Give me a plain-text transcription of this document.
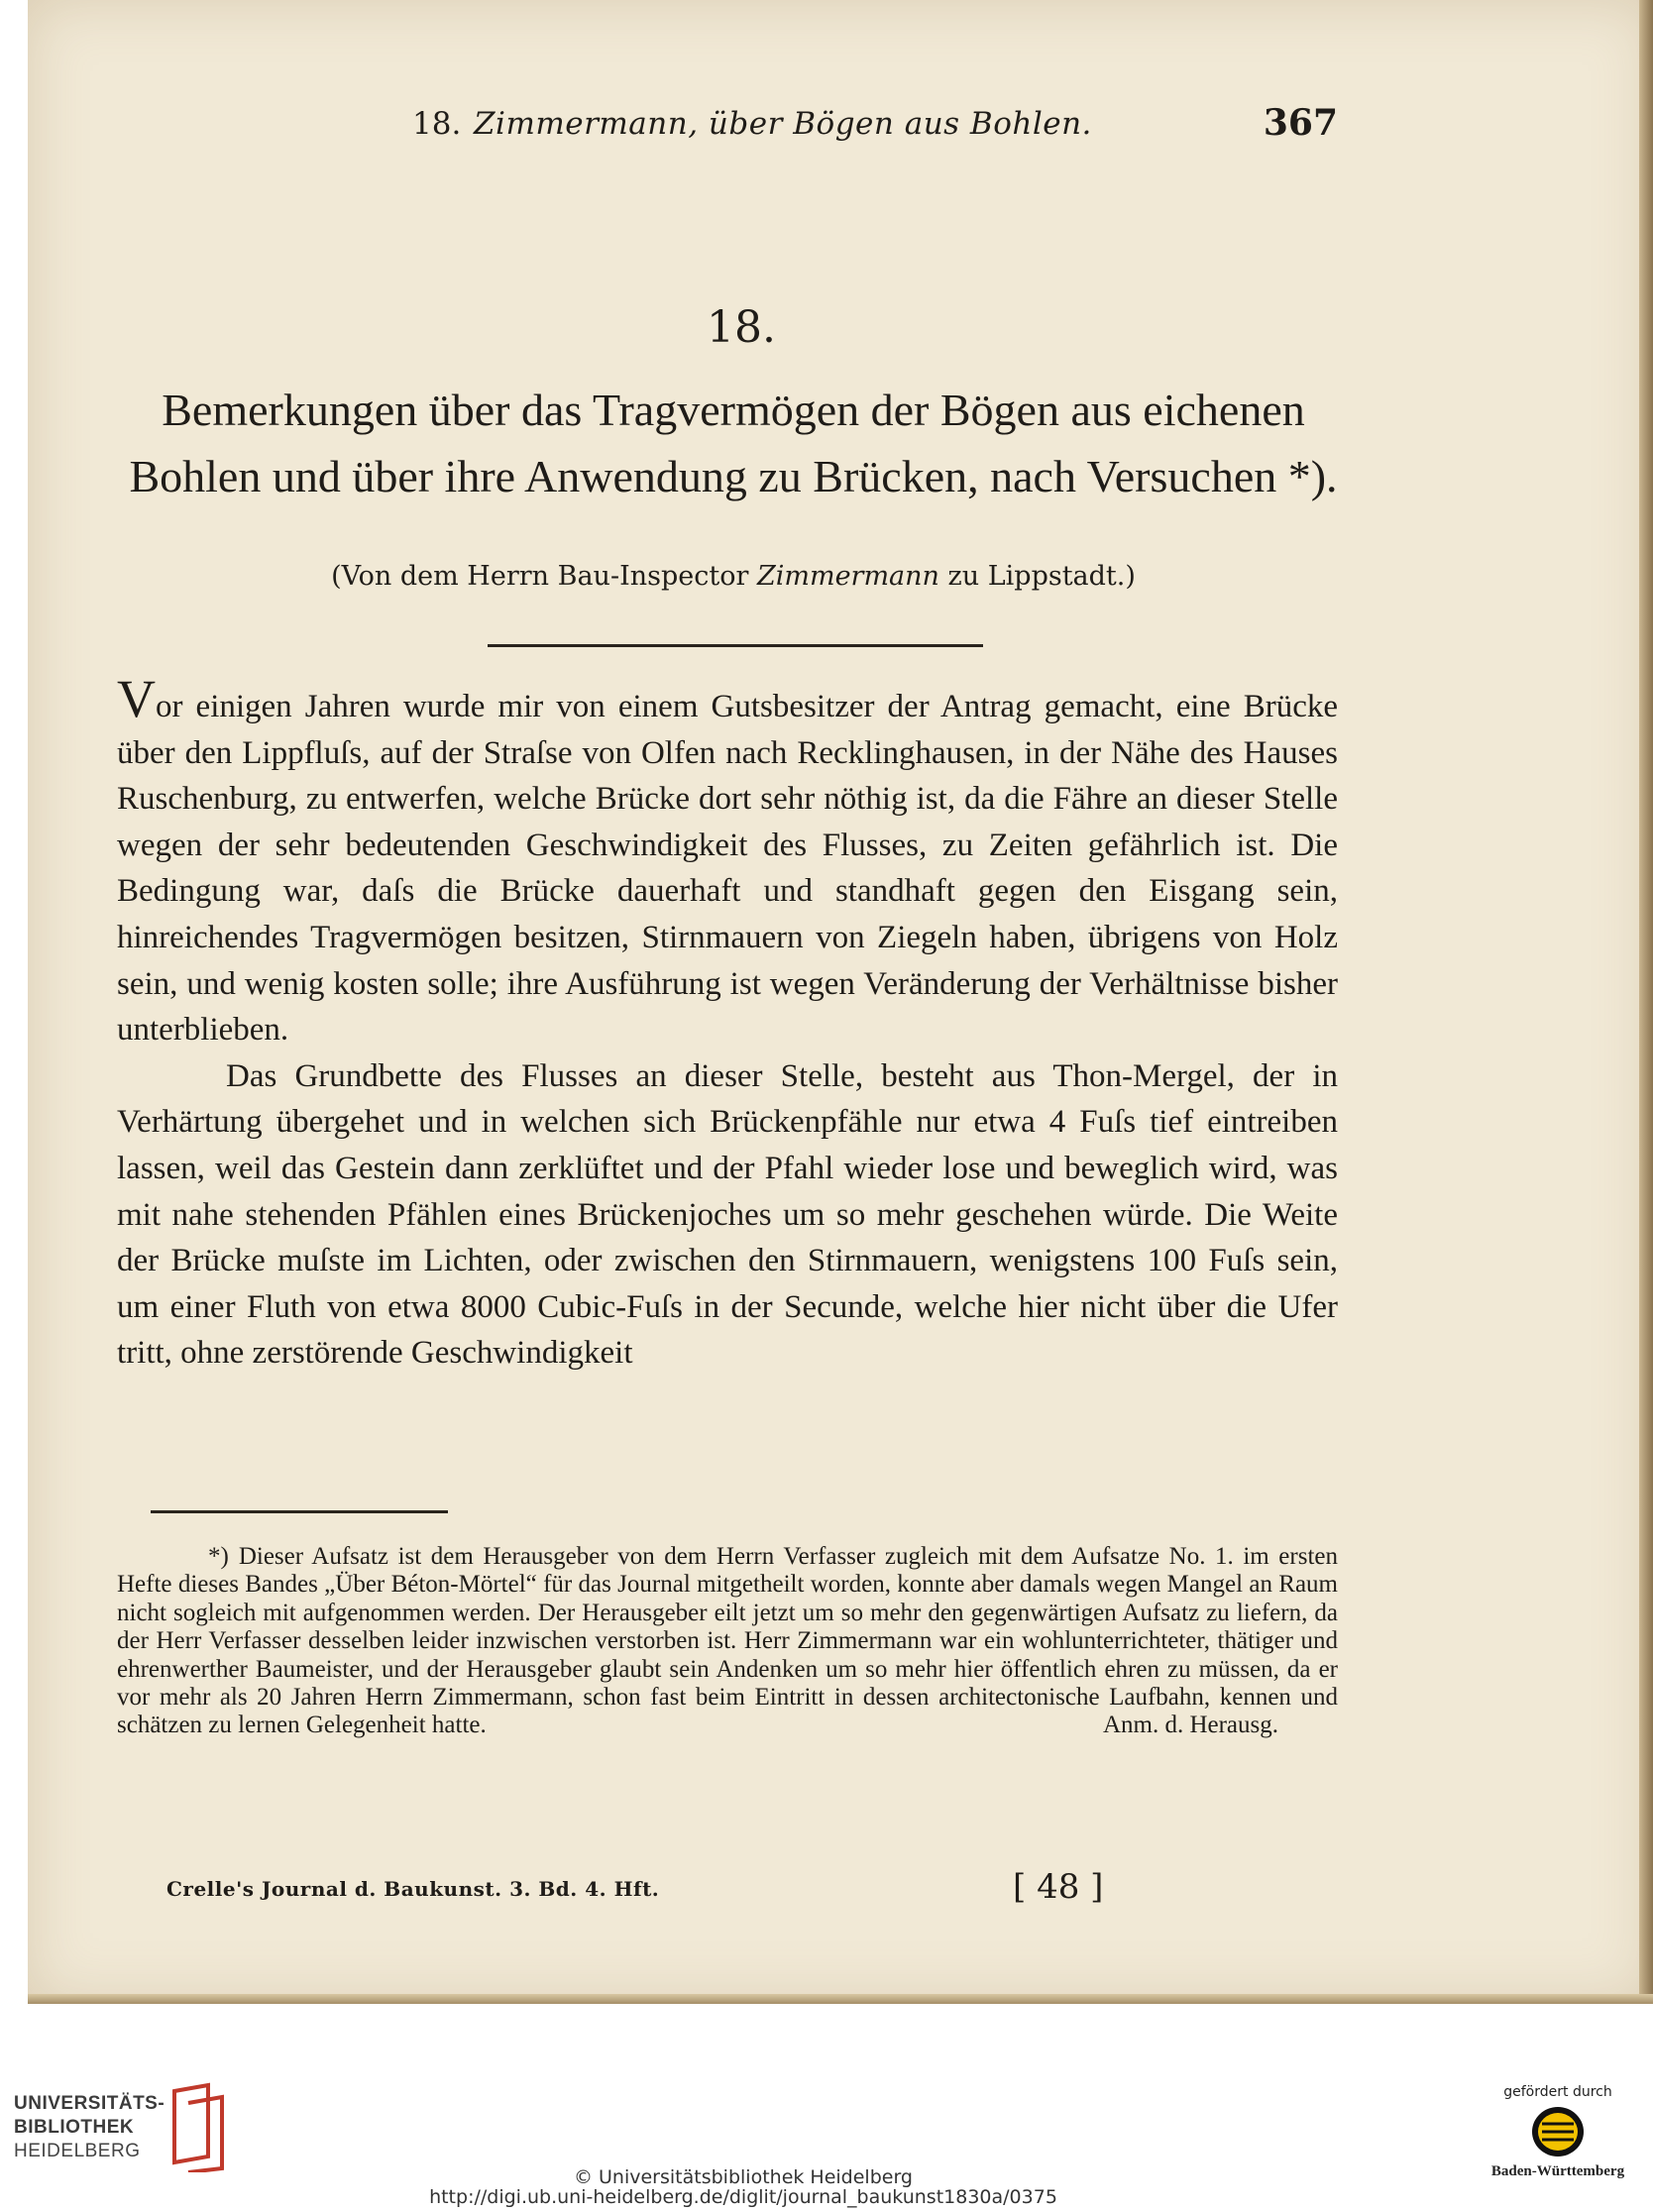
18. Zimmermann, über Bögen aus Bohlen.	367
18.
Bemerkungen über das Tragvermögen der Bögen aus eichenen Bohlen und über ihre Anwendung zu Brücken, nach Versuchen *).
(Von dem Herrn Bau-Inspector Zimmermann zu Lippstadt.)

Vor einigen Jahren wurde mir von einem Gutsbesitzer der Antrag gemacht, eine Brücke über den Lippfluſs, auf der Straſse von Olfen nach Recklinghausen, in der Nähe des Hauses Ruschenburg, zu entwerfen, welche Brücke dort sehr nöthig ist, da die Fähre an dieser Stelle wegen der sehr bedeutenden Geschwindigkeit des Flusses, zu Zeiten gefährlich ist. Die Bedingung war, daſs die Brücke dauerhaft und standhaft gegen den Eisgang sein, hinreichendes Tragvermögen besitzen, Stirnmauern von Ziegeln haben, übrigens von Holz sein, und wenig kosten solle; ihre Ausführung ist wegen Veränderung der Verhältnisse bisher unterblieben.

Das Grundbette des Flusses an dieser Stelle, besteht aus Thon-Mergel, der in Verhärtung übergehet und in welchen sich Brückenpfähle nur etwa 4 Fuſs tief eintreiben lassen, weil das Gestein dann zerklüftet und der Pfahl wieder lose und beweglich wird, was mit nahe stehenden Pfählen eines Brückenjoches um so mehr geschehen würde. Die Weite der Brücke muſste im Lichten, oder zwischen den Stirnmauern, wenigstens 100 Fuſs sein, um einer Fluth von etwa 8000 Cubic-Fuſs in der Secunde, welche hier nicht über die Ufer tritt, ohne zerstörende Geschwindigkeit

*) Dieser Aufsatz ist dem Herausgeber von dem Herrn Verfasser zugleich mit dem Aufsatze No. 1. im ersten Hefte dieses Bandes „Über Béton-Mörtel“ für das Journal mitgetheilt worden, konnte aber damals wegen Mangel an Raum nicht sogleich mit aufgenommen werden. Der Herausgeber eilt jetzt um so mehr den gegenwärtigen Aufsatz zu liefern, da der Herr Verfasser desselben leider inzwischen verstorben ist. Herr Zimmermann war ein wohlunterrichteter, thätiger und ehrenwerther Baumeister, und der Herausgeber glaubt sein Andenken um so mehr hier öffentlich ehren zu müssen, da er vor mehr als 20 Jahren Herrn Zimmermann, schon fast beim Eintritt in dessen architectonische Laufbahn, kennen und schätzen zu lernen Gelegenheit hatte.	Anm. d. Herausg.
Crelle's Journal d. Baukunst. 3. Bd. 4. Hft.	[ 48 ]
UNIVERSITÄTS-
BIBLIOTHEK
HEIDELBERG
© Universitätsbibliothek Heidelberg
http://digi.ub.uni-heidelberg.de/diglit/journal_baukunst1830a/0375
gefördert durch
Baden-Württemberg
